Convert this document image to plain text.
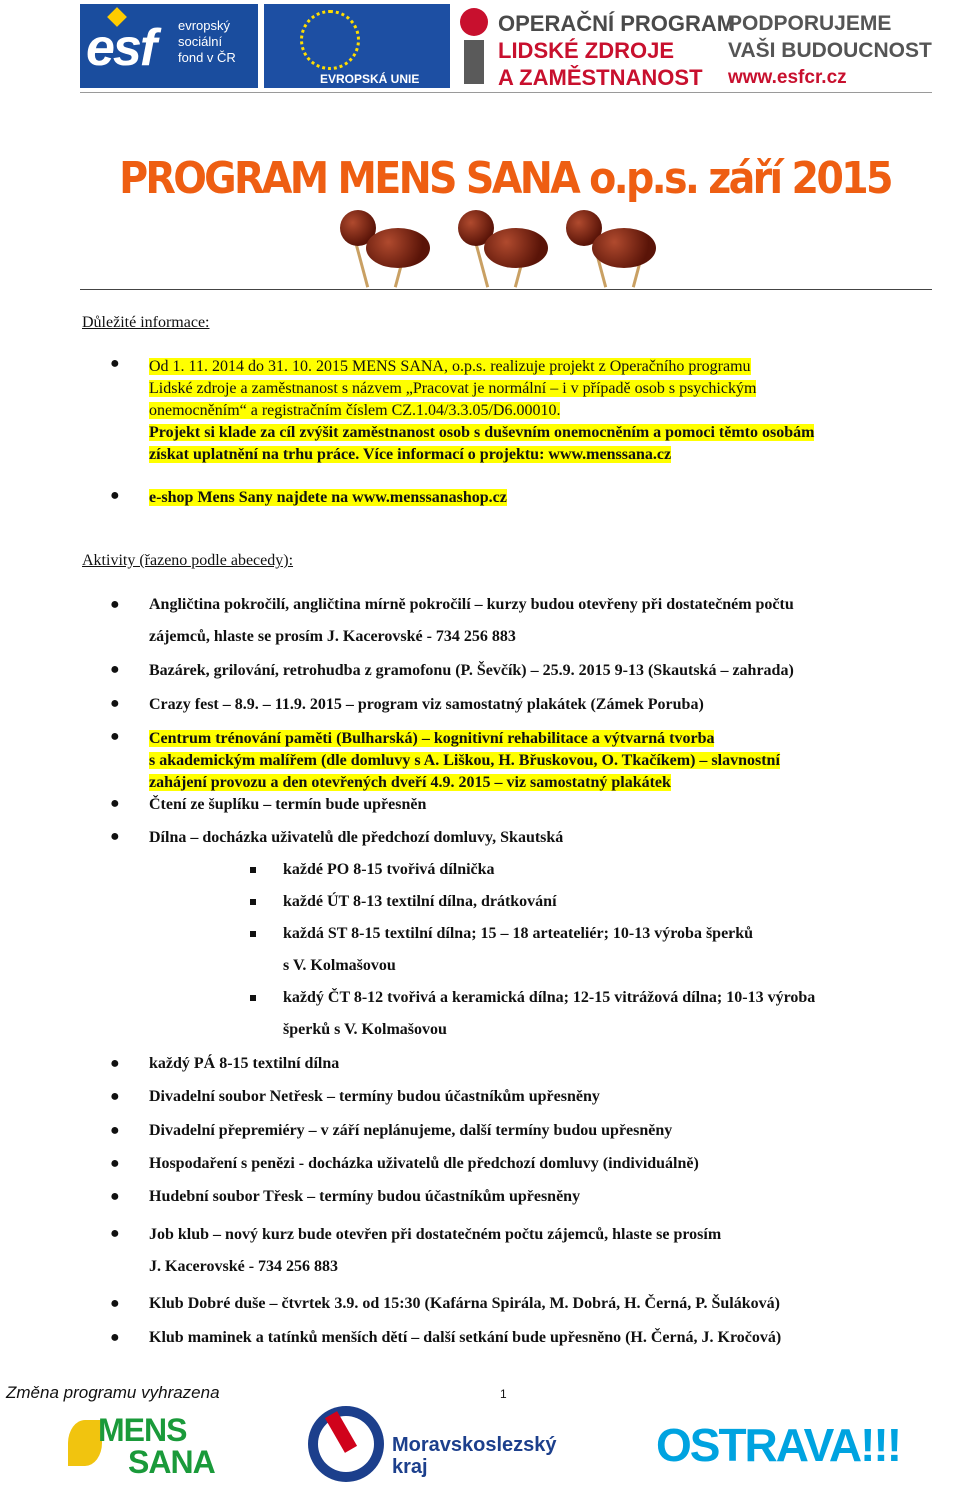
esf evropský
sociální
fond v ČR
EVROPSKÁ UNIE
OPERAČNÍ PROGRAM
LIDSKÉ ZDROJE
A ZAMĚSTNANOST
PODPORUJEME
VAŠI BUDOUCNOST
www.esfcr.cz
PROGRAM MENS SANA o.p.s. září 2015
Důležité informace:
● Od 1. 11. 2014 do 31. 10. 2015 MENS SANA, o.p.s. realizuje projekt z Operačního programu
Lidské zdroje a zaměstnanost s názvem „Pracovat je normální – i v případě osob s psychickým
onemocněním“ a registračním číslem CZ.1.04/3.3.05/D6.00010.
Projekt si klade za cíl zvýšit zaměstnanost osob s duševním onemocněním a pomoci těmto osobám
získat uplatnění na trhu práce. Více informací o projektu: www.menssana.cz
● e-shop Mens Sany najdete na www.menssanashop.cz
Aktivity (řazeno podle abecedy):
● Angličtina pokročilí, angličtina mírně pokročilí – kurzy budou otevřeny při dostatečném počtu
zájemců, hlaste se prosím J. Kacerovské - 734 256 883
● Bazárek, grilování, retrohudba z gramofonu (P. Ševčík) – 25.9. 2015 9-13 (Skautská – zahrada)
● Crazy fest – 8.9. – 11.9. 2015 – program viz samostatný plakátek (Zámek Poruba)
● Centrum trénování paměti (Bulharská) – kognitivní rehabilitace a výtvarná tvorba
s akademickým malířem (dle domluvy s A. Liškou, H. Břuskovou, O. Tkačíkem) – slavnostní
zahájení provozu a den otevřených dveří 4.9. 2015 – viz samostatný plakátek
● Čtení ze šuplíku – termín bude upřesněn
● Dílna – docházka uživatelů dle předchozí domluvy, Skautská
každé PO 8-15 tvořivá dílnička
každé ÚT 8-13 textilní dílna, drátkování
každá ST 8-15 textilní dílna; 15 – 18 arteateliér; 10-13 výroba šperků
s V. Kolmašovou
každý ČT 8-12 tvořivá a keramická dílna; 12-15 vitrážová dílna; 10-13 výroba
šperků s V. Kolmašovou
● každý PÁ 8-15 textilní dílna
● Divadelní soubor Netřesk – termíny budou účastníkům upřesněny
● Divadelní přepremiéry – v září neplánujeme, další termíny budou upřesněny
● Hospodaření s penězi - docházka uživatelů dle předchozí domluvy (individuálně)
● Hudební soubor Třesk – termíny budou účastníkům upřesněny
● Job klub – nový kurz bude otevřen při dostatečném počtu zájemců, hlaste se prosím
J. Kacerovské - 734 256 883
● Klub Dobré duše – čtvrtek 3.9. od 15:30 (Kafárna Spirála, M. Dobrá, H. Černá, P. Šuláková)
● Klub maminek a tatínků menších dětí – další setkání bude upřesněno (H. Černá, J. Kročová)
Změna programu vyhrazena	1
MENS
SANA	Moravskoslezský
kraj	OSTRAVA!!!
